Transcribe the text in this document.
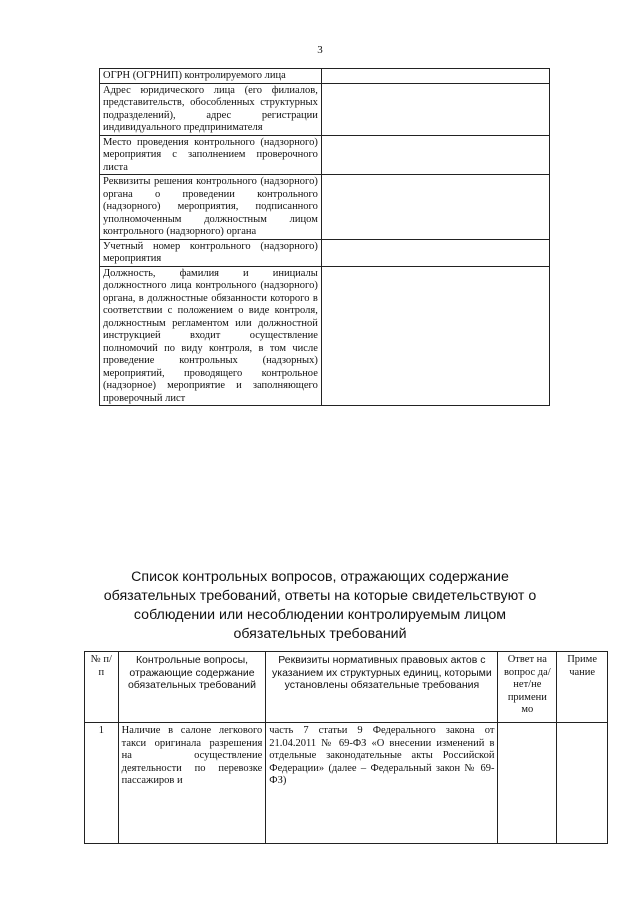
3
ОГРН (ОГРНИП) контролируемого лица	
Адрес юридического лица (его филиалов, представительств, обособленных структурных подразделений), адрес регистрации индивидуального предпринимателя	
Место проведения контрольного (надзорного) мероприятия с заполнением проверочного листа	
Реквизиты решения контрольного (надзорного) органа о проведении контрольного (надзорного) мероприятия, подписанного уполномоченным должностным лицом контрольного (надзорного) органа	
Учетный номер контрольного (надзорного) мероприятия	
Должность, фамилия и инициалы должностного лица контрольного (надзорного) органа, в должностные обязанности которого в соответствии с положением о виде контроля, должностным регламентом или должностной инструкцией входит осуществление полномочий по виду контроля, в том числе проведение контрольных (надзорных) мероприятий, проводящего контрольное (надзорное) мероприятие и заполняющего проверочный лист	
Список контрольных вопросов, отражающих содержание обязательных требований, ответы на которые свидетельствуют о соблюдении или несоблюдении контролируемым лицом обязательных требований
№ п/п	Контрольные вопросы, отражающие содержание обязательных требований	Реквизиты нормативных правовых актов с указанием их структурных единиц, которыми установлены обязательные требования	Ответ на вопрос да/нет/не примени мо	Приме чание
1	Наличие в салоне легкового такси оригинала разрешения на осуществление деятельности по перевозке пассажиров и	часть 7 статьи 9 Федерального закона от 21.04.2011 № 69-ФЗ «О внесении изменений в отдельные законодательные акты Российской Федерации» (далее – Федеральный закон № 69-ФЗ)		
